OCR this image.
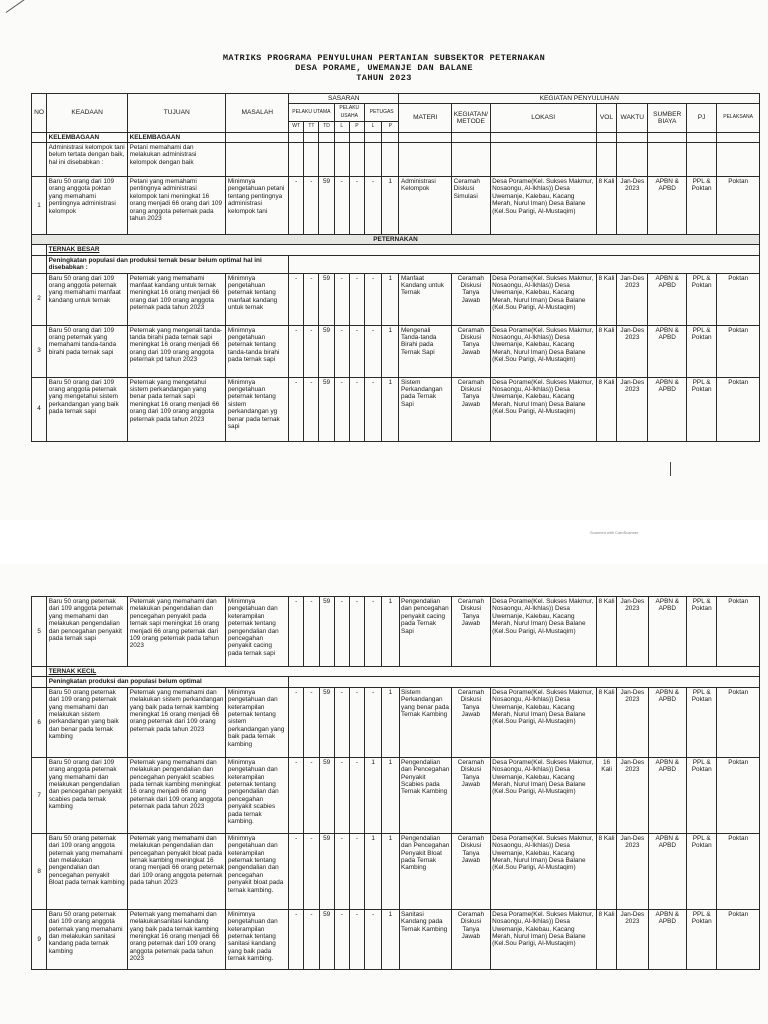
Scanned with CamScanner
MATRIKS PROGRAMA PENYULUHAN PERTANIAN SUBSEKTOR PETERNAKAN
DESA PORAME, UWEMANJE DAN BALANE
TAHUN 2023
NO	KEADAAN	TUJUAN	MASALAH	SASARAN							KEGIATAN PENYULUHAN							
				PELAKU UTAMA			PELAKU USAHA		PETUGAS		MATERI	KEGIATAN/ METODE	LOKASI	VOL	WAKTU	SUMBER BIAYA	PJ	PELAKSANA
				WT	TT	TD	L	P	L	P								
	KELEMBAGAAN	KELEMBAGAAN																
	Administrasi kelompok tani belum tertata dengan baik, hal ini disebabkan :	Petani memahami dan melakukan administrasi kelompok dengan baik																
1	Baru 50 orang dari 109 orang anggota poktan yang memahami pentingnya administrasi kelompok	Petani yang memahami pentingnya administrasi kelompok tani meningkat 16 orang menjadi 66 orang dari 109 orang anggota peternak pada tahun 2023	Minimnya pengetahuan petani tentang pentingnya administrasi kelompok tani	-	-	59	-	-	-	1	Administrasi Kelompok	Ceramah Diskusi Simulasi	Desa Porame(Kel. Sukses Makmur, Nosaongu, Al-Ikhlas)) Desa Uwemanje, Kalebau, Kacang Merah, Nurul Iman) Desa Balane (Kel.Sou Parigi, Al-Mustaqim)	8 Kali	Jan-Des 2023	APBN & APBD	PPL & Poktan	Poktan
PETERNAKAN																		
	TERNAK BESAR																	
	Peningkatan populasi dan produksi ternak besar belum optimal hal ini disebabkan :																	
2	Baru 50 orang dari 109 orang anggota peternak yang memahami manfaat kandang untuk ternak	Peternak yang memahami manfaat kandang untuk ternak meningkat 16 orang menjadi 66 orang dari 109 orang anggota peternak pada tahun 2023	Minimnya pengetahuan peternak tentang manfaat kandang untuk ternak	-	-	59	-	-	-	1	Manfaat Kandang untuk Ternak	Ceramah Diskusi Tanya Jawab	Desa Porame(Kel. Sukses Makmur, Nosaongu, Al-Ikhlas)) Desa Uwemanje, Kalebau, Kacang Merah, Nurul Iman) Desa Balane (Kel.Sou Parigi, Al-Mustaqim)	8 Kali	Jan-Des 2023	APBN & APBD	PPL & Poktan	Poktan
3	Baru 50 orang dari 109 orang peternak yang memahami tanda-tanda birahi pada ternak sapi	Peternak yang mengenali tanda-tanda birahi pada ternak sapi meningkat 16 orang menjadi 66 orang dari 109 orang anggota peternak pd tahun 2023	Minimnya pengetahuan peternak tentang tanda-tanda birahi pada ternak sapi	-	-	59	-	-	-	1	Mengenali Tanda-tanda Birahi pada Ternak Sapi	Ceramah Diskusi Tanya Jawab	Desa Porame(Kel. Sukses Makmur, Nosaongu, Al-Ikhlas)) Desa Uwemanje, Kalebau, Kacang Merah, Nurul Iman) Desa Balane (Kel.Sou Parigi, Al-Mustaqim)	8 Kali	Jan-Des 2023	APBN & APBD	PPL & Poktan	Poktan
4	Baru 50 orang dari 109 orang anggota peternak yang mengetahui sistem perkandangan yang baik pada ternak sapi	Peternak yang mengetahui sistem perkandangan yang benar pada ternak sapi meningkat 16 orang menjadi 66 orang dari 109 orang anggota peternak pada tahun 2023	Minimnya pengetahuan peternak tentang sistem perkandangan yg benar pada ternak sapi	-	-	59	-	-	-	1	Sistem Perkandangan pada Ternak Sapi	Ceramah Diskusi Tanya Jawab	Desa Porame(Kel. Sukses Makmur, Nosaongu, Al-Ikhlas)) Desa Uwemanje, Kalebau, Kacang Merah, Nurul Iman) Desa Balane (Kel.Sou Parigi, Al-Mustaqim)	8 Kali	Jan-Des 2023	APBN & APBD	PPL & Poktan	Poktan
5	Baru 50 orang peternak dari 109 anggota peternak yang memahami dan melakukan pengendalian dan pencegahan penyakit pada ternak sapi	Peternak yang memahami dan melakukan pengendalian dan pencegahan penyakit pada ternak sapi meningkat 16 orang menjadi 66 orang peternak dari 109 orang peternak pada tahun 2023	Minimnya pengetahuan dan keterampilan peternak tentang pengendalian dan pencegahan penyakit cacing pada ternak sapi	-	-	59	-	-	-	1	Pengendalian dan pencegahan penyakit cacing pada Ternak Sapi	Ceramah Diskusi Tanya Jawab	Desa Porame(Kel. Sukses Makmur, Nosaongu, Al-Ikhlas)) Desa Uwemanje, Kalebau, Kacang Merah, Nurul Iman) Desa Balane (Kel.Sou Parigi, Al-Mustaqim)	8 Kali	Jan-Des 2023	APBN & APBD	PPL & Poktan	Poktan
	TERNAK KECIL																	
	Peningkatan produksi dan populasi belum optimal																	
6	Baru 50 orang peternak dari 109 orang peternak yang memahami dan melakukan sistem perkandangan yang baik dan benar pada ternak kambing	Peternak yang memahami dan melakukan sistem perkandangan yang baik pada ternak kambing meningkat 16 orang menjadi 66 orang peternak dari 109 orang peternak pada tahun 2023	Minimnya pengetahuan dan keterampilan peternak tentang sistem perkandangan yang baik pada ternak kambing	-	-	59	-	-	-	1	Sistem Perkandangan yang benar pada Ternak Kambing	Ceramah Diskusi Tanya Jawab	Desa Porame(Kel. Sukses Makmur, Nosaongu, Al-Ikhlas)) Desa Uwemanje, Kalebau, Kacang Merah, Nurul Iman) Desa Balane (Kel.Sou Parigi, Al-Mustaqim)	8 Kali	Jan-Des 2023	APBN & APBD	PPL & Poktan	Poktan
7	Baru 50 orang dari 109 orang anggota peternak yang memahami dan melakukan pengendalian dan pencegahan penyakit scabies pada ternak kambing	Peternak yang memahami dan melakukan pengendalian dan pencegahan penyakit scabies pada ternak kambing meningkat 16 orang menjadi 66 orang peternak dari 109 orang anggota peternak pada tahun 2023	Minimnya pengetahuan dan keterampilan peternak tentang pengendalian dan pencegahan penyakit scabies pada ternak kambing.	-	-	59	-	-	1	1	Pengendalian dan Pencegahan Penyakit Scabies pada Ternak Kambing	Ceramah Diskusi Tanya Jawab	Desa Porame(Kel. Sukses Makmur, Nosaongu, Al-Ikhlas)) Desa Uwemanje, Kalebau, Kacang Merah, Nurul Iman) Desa Balane (Kel.Sou Parigi, Al-Mustaqim)	16 Kali	Jan-Des 2023	APBN & APBD	PPL & Poktan	Poktan
8	Baru 50 orang peternak dari 109 orang anggota peternak yang memahami dan melakukan pengendalian dan pencegahan penyakit Bloat pada ternak kambing	Peternak yang memahami dan melakukan pengendalian dan pencegahan penyakit bloat pada ternak kambing meningkat 16 orang menjadi 66 orang peternak dari 109 orang anggota peternak pada tahun 2023	Minimnya pengetahuan dan keterampilan peternak tentang pengendalian dan pencegahan penyakit bloat pada ternak kambing.	-	-	59	-	-	1	1	Pengendalian dan Pencegahan Penyakit Bloat pada Ternak Kambing	Ceramah Diskusi Tanya Jawab	Desa Porame(Kel. Sukses Makmur, Nosaongu, Al-Ikhlas)) Desa Uwemanje, Kalebau, Kacang Merah, Nurul Iman) Desa Balane (Kel.Sou Parigi, Al-Mustaqim)	8 Kali	Jan-Des 2023	APBN & APBD	PPL & Poktan	Poktan
9	Baru 50 orang peternak dari 109 orang anggota peternak yang memahami dan melakukan sanitasi kandang pada ternak kambing	Peternak yang memahami dan melakukansanitasi kandang yang baik pada ternak kambing meningkat 16 orang menjadi 66 orang peternak dari 109 orang anggota peternak pada tahun 2023	Minimnya pengetahuan dan keterampilan peternak tentang sanitasi kandang yang baik pada ternak kambing.	-	-	59	-	-	-	1	Sanitasi Kandang pada Ternak Kambing	Ceramah Diskusi Tanya Jawab	Desa Porame(Kel. Sukses Makmur, Nosaongu, Al-Ikhlas)) Desa Uwemanje, Kalebau, Kacang Merah, Nurul Iman) Desa Balane (Kel.Sou Parigi, Al-Mustaqim)	8 Kali	Jan-Des 2023	APBN & APBD	PPL & Poktan	Poktan
